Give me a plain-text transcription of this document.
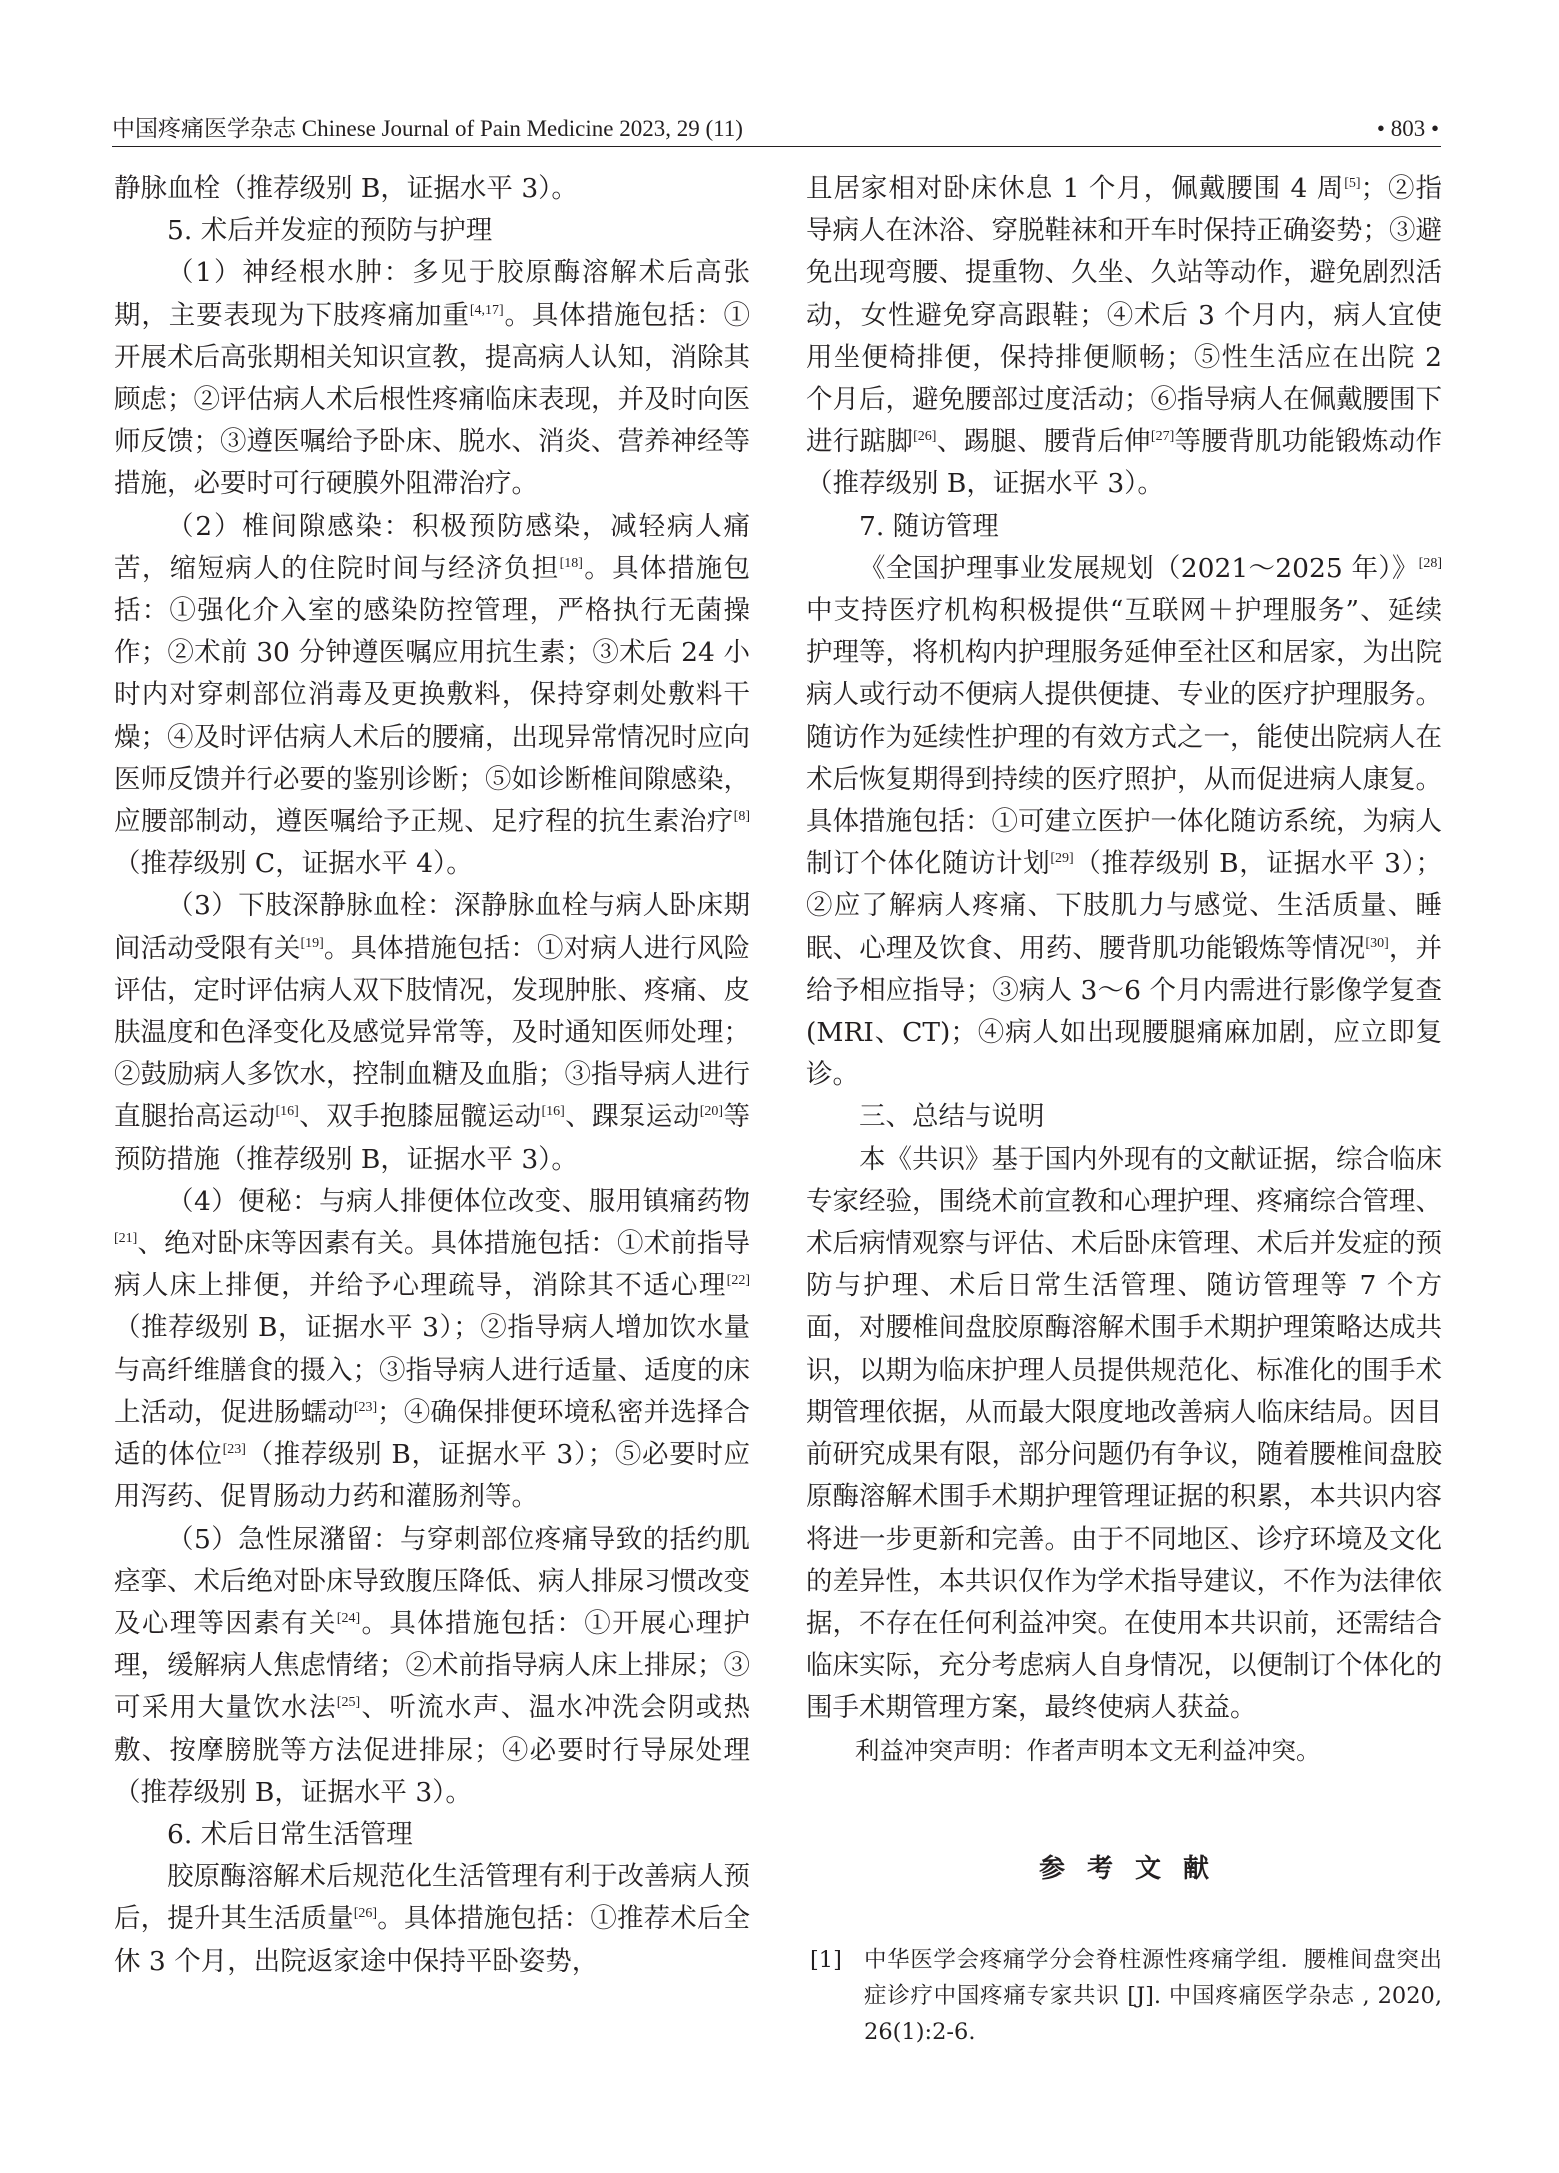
中国疼痛医学杂志 Chinese Journal of Pain Medicine 2023, 29 (11)	• 803 •

静脉血栓（推荐级别 B，证据水平 3）。

5. 术后并发症的预防与护理

（1）神经根水肿：多见于胶原酶溶解术后高张期，主要表现为下肢疼痛加重[4,17]。具体措施包括：①开展术后高张期相关知识宣教，提高病人认知，消除其顾虑；②评估病人术后根性疼痛临床表现，并及时向医师反馈；③遵医嘱给予卧床、脱水、消炎、营养神经等措施，必要时可行硬膜外阻滞治疗。

（2）椎间隙感染：积极预防感染，减轻病人痛苦，缩短病人的住院时间与经济负担[18]。具体措施包括：①强化介入室的感染防控管理，严格执行无菌操作；②术前 30 分钟遵医嘱应用抗生素；③术后 24 小时内对穿刺部位消毒及更换敷料，保持穿刺处敷料干燥；④及时评估病人术后的腰痛，出现异常情况时应向医师反馈并行必要的鉴别诊断；⑤如诊断椎间隙感染，应腰部制动，遵医嘱给予正规、足疗程的抗生素治疗[8]（推荐级别 C，证据水平 4）。

（3）下肢深静脉血栓：深静脉血栓与病人卧床期间活动受限有关[19]。具体措施包括：①对病人进行风险评估，定时评估病人双下肢情况，发现肿胀、疼痛、皮肤温度和色泽变化及感觉异常等，及时通知医师处理；②鼓励病人多饮水，控制血糖及血脂；③指导病人进行直腿抬高运动[16]、双手抱膝屈髋运动[16]、踝泵运动[20]等预防措施（推荐级别 B，证据水平 3）。

（4）便秘：与病人排便体位改变、服用镇痛药物[21]、绝对卧床等因素有关。具体措施包括：①术前指导病人床上排便，并给予心理疏导，消除其不适心理[22]（推荐级别 B，证据水平 3）；②指导病人增加饮水量与高纤维膳食的摄入；③指导病人进行适量、适度的床上活动，促进肠蠕动[23]；④确保排便环境私密并选择合适的体位[23]（推荐级别 B，证据水平 3）；⑤必要时应用泻药、促胃肠动力药和灌肠剂等。

（5）急性尿潴留：与穿刺部位疼痛导致的括约肌痉挛、术后绝对卧床导致腹压降低、病人排尿习惯改变及心理等因素有关[24]。具体措施包括：①开展心理护理，缓解病人焦虑情绪；②术前指导病人床上排尿；③可采用大量饮水法[25]、听流水声、温水冲洗会阴或热敷、按摩膀胱等方法促进排尿；④必要时行导尿处理（推荐级别 B，证据水平 3）。

6. 术后日常生活管理

胶原酶溶解术后规范化生活管理有利于改善病人预后，提升其生活质量[26]。具体措施包括：①推荐术后全休 3 个月，出院返家途中保持平卧姿势，

且居家相对卧床休息 1 个月，佩戴腰围 4 周[5]；②指导病人在沐浴、穿脱鞋袜和开车时保持正确姿势；③避免出现弯腰、提重物、久坐、久站等动作，避免剧烈活动，女性避免穿高跟鞋；④术后 3 个月内，病人宜使用坐便椅排便，保持排便顺畅；⑤性生活应在出院 2 个月后，避免腰部过度活动；⑥指导病人在佩戴腰围下进行踮脚[26]、踢腿、腰背后伸[27]等腰背肌功能锻炼动作（推荐级别 B，证据水平 3）。

7. 随访管理

《全国护理事业发展规划（2021～2025 年）》[28]中支持医疗机构积极提供“互联网＋护理服务”、延续护理等，将机构内护理服务延伸至社区和居家，为出院病人或行动不便病人提供便捷、专业的医疗护理服务。随访作为延续性护理的有效方式之一，能使出院病人在术后恢复期得到持续的医疗照护，从而促进病人康复。具体措施包括：①可建立医护一体化随访系统，为病人制订个体化随访计划[29]（推荐级别 B，证据水平 3）；②应了解病人疼痛、下肢肌力与感觉、生活质量、睡眠、心理及饮食、用药、腰背肌功能锻炼等情况[30]，并给予相应指导；③病人 3～6 个月内需进行影像学复查 (MRI、CT)；④病人如出现腰腿痛麻加剧，应立即复诊。

三、总结与说明

本《共识》基于国内外现有的文献证据，综合临床专家经验，围绕术前宣教和心理护理、疼痛综合管理、术后病情观察与评估、术后卧床管理、术后并发症的预防与护理、术后日常生活管理、随访管理等 7 个方面，对腰椎间盘胶原酶溶解术围手术期护理策略达成共识，以期为临床护理人员提供规范化、标准化的围手术期管理依据，从而最大限度地改善病人临床结局。因目前研究成果有限，部分问题仍有争议，随着腰椎间盘胶原酶溶解术围手术期护理管理证据的积累，本共识内容将进一步更新和完善。由于不同地区、诊疗环境及文化的差异性，本共识仅作为学术指导建议，不作为法律依据，不存在任何利益冲突。在使用本共识前，还需结合临床实际，充分考虑病人自身情况，以便制订个体化的围手术期管理方案，最终使病人获益。

利益冲突声明：作者声明本文无利益冲突。

参考文献
[1] 中华医学会疼痛学分会脊柱源性疼痛学组．腰椎间盘突出症诊疗中国疼痛专家共识 [J]. 中国疼痛医学杂志 , 2020, 26(1):2-6.
